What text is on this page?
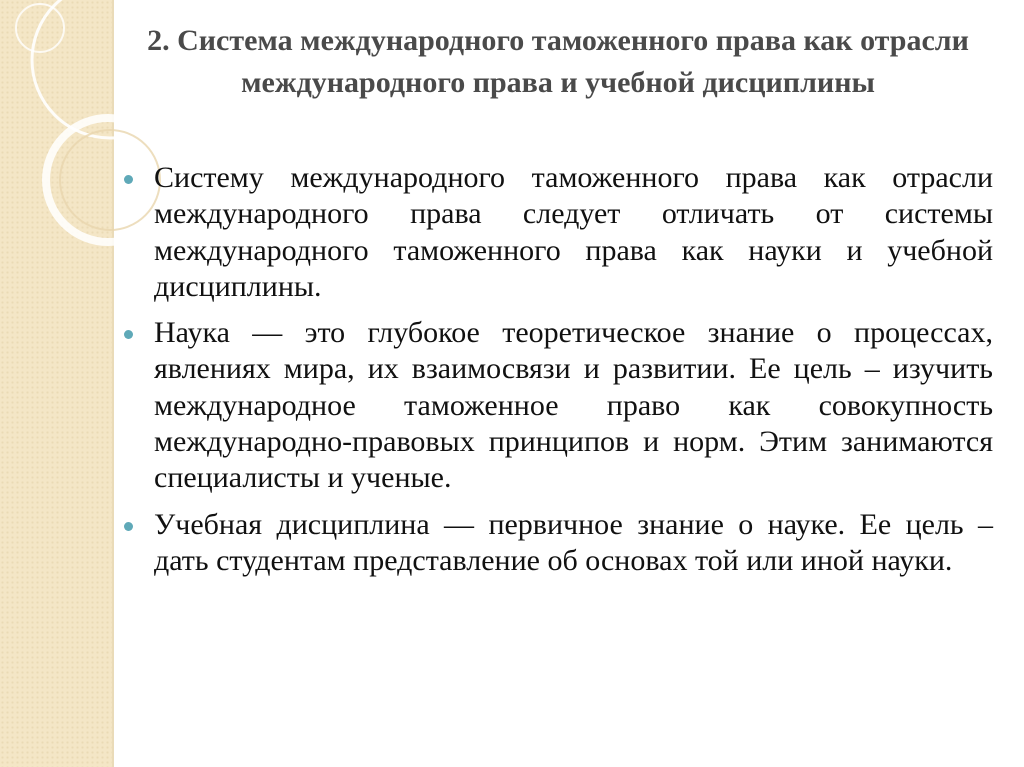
2. Система международного таможенного права как отрасли международного права и учебной дисциплины
Систему международного таможенного права как отрасли международного права следует отличать от системы международного таможенного права как науки и учебной дисциплины.
Наука — это глубокое теоретическое знание о процессах, явлениях мира, их взаимосвязи и развитии. Ее цель – изучить международное таможенное право как совокупность международно-правовых принципов и норм. Этим занимаются специалисты и ученые.
Учебная дисциплина — первичное знание о науке. Ее цель – дать студентам представление об основах той или иной науки.
